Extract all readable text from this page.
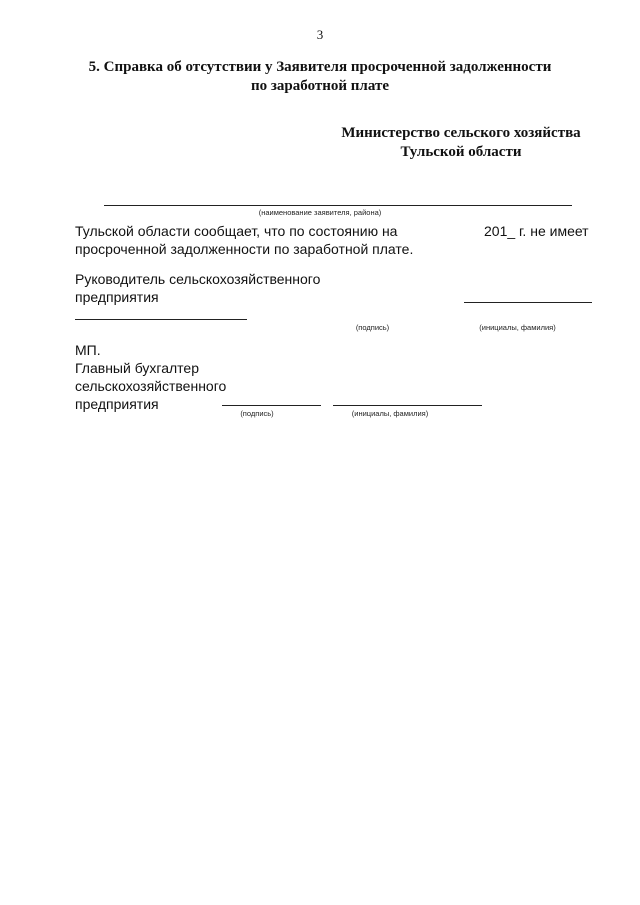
3
5. Справка об отсутствии у Заявителя просроченной задолженности
по заработной плате
Министерство сельского хозяйства
Тульской области
(наименование заявителя, района)
Тульской области сообщает, что по состоянию на
просроченной задолженности по заработной плате.
201_ г. не имеет
Руководитель сельскохозяйственного
предприятия
(подпись)	(инициалы, фамилия)
МП.
Главный бухгалтер
сельскохозяйственного
предприятия
(подпись)	(инициалы, фамилия)
